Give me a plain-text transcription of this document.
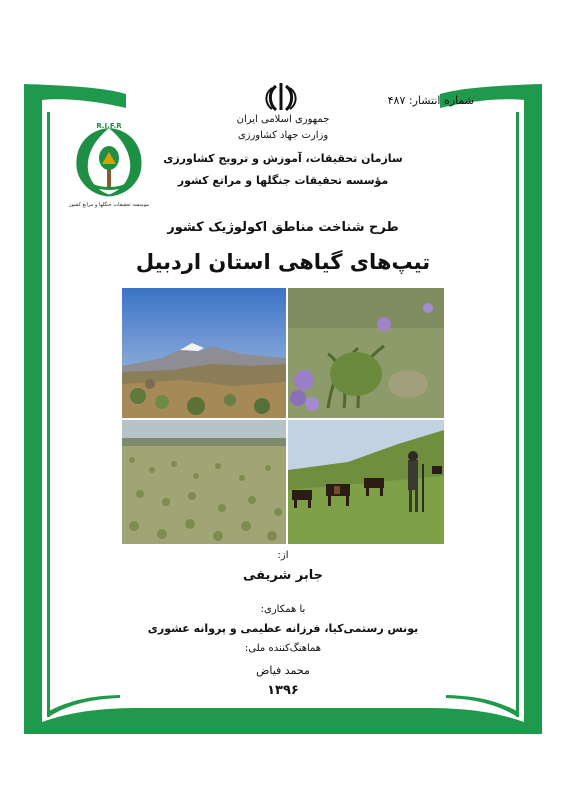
شماره انتشار: ۴۸۷
جمهوری اسلامی ایران
وزارت جهاد کشاورزی
سازمان تحقیقات، آموزش و ترویج کشاورزی
مؤسسه تحقیقات جنگلها و مراتع کشور
R.I.F.R
موسسه تحقیقات جنگلها و مراتع کشور
طرح شناخت مناطق اکولوژیک کشور
تیپ‌های گیاهی استان اردبیل
از:
جابر شریفی
با همکاری:
یونس رستمی‌کیا، فرزانه عظیمی و پروانه عشوری
هماهنگ‌کننده ملی:
محمد فیاض
۱۳۹۶
